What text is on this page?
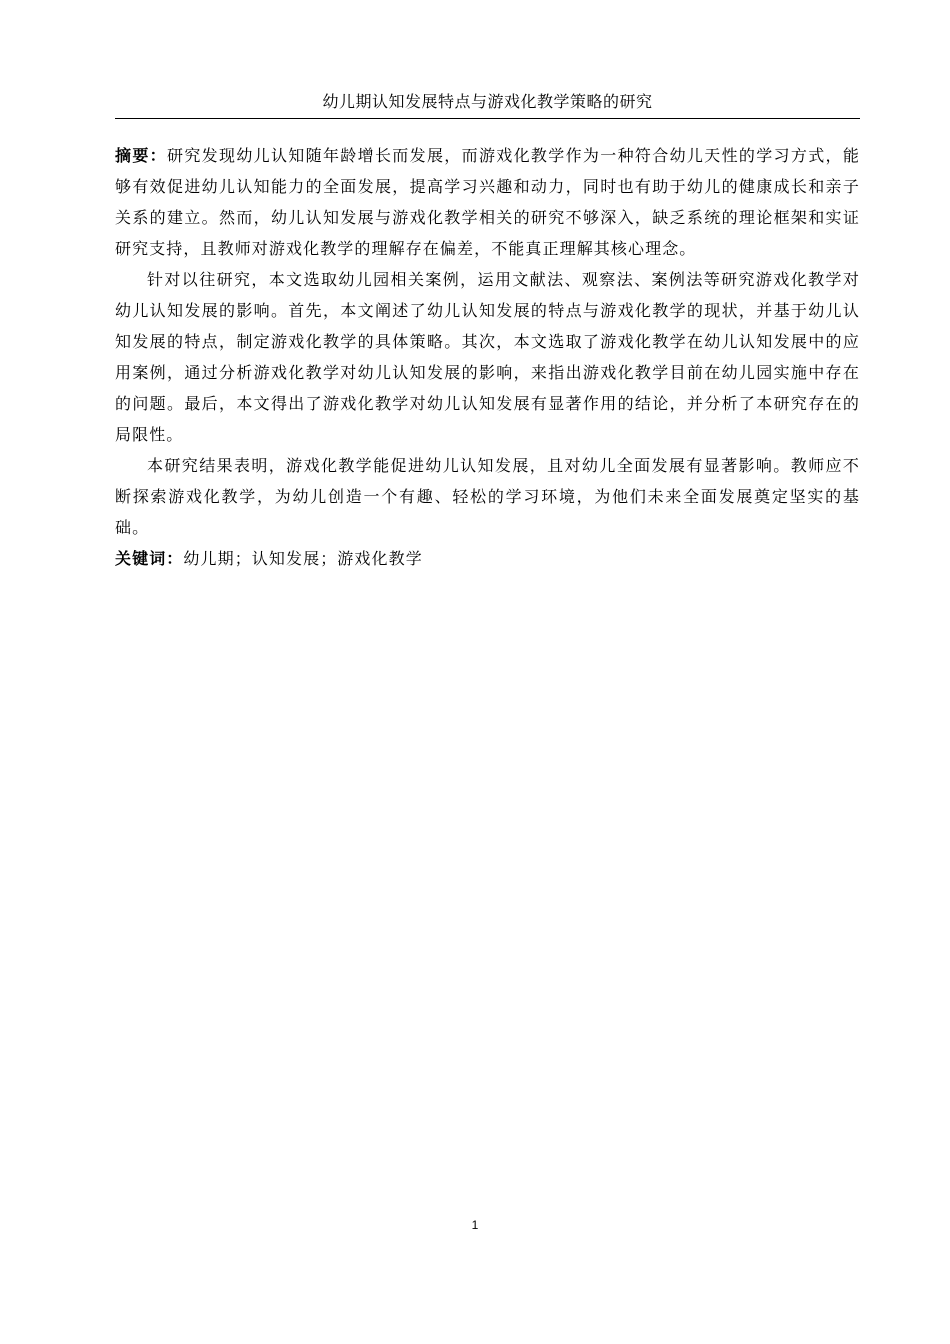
幼儿期认知发展特点与游戏化教学策略的研究

摘要：研究发现幼儿认知随年龄增长而发展，而游戏化教学作为一种符合幼儿天性的学习方式，能够有效促进幼儿认知能力的全面发展，提高学习兴趣和动力，同时也有助于幼儿的健康成长和亲子关系的建立。然而，幼儿认知发展与游戏化教学相关的研究不够深入，缺乏系统的理论框架和实证研究支持，且教师对游戏化教学的理解存在偏差，不能真正理解其核心理念。

针对以往研究，本文选取幼儿园相关案例，运用文献法、观察法、案例法等研究游戏化教学对幼儿认知发展的影响。首先，本文阐述了幼儿认知发展的特点与游戏化教学的现状，并基于幼儿认知发展的特点，制定游戏化教学的具体策略。其次，本文选取了游戏化教学在幼儿认知发展中的应用案例，通过分析游戏化教学对幼儿认知发展的影响，来指出游戏化教学目前在幼儿园实施中存在的问题。最后，本文得出了游戏化教学对幼儿认知发展有显著作用的结论，并分析了本研究存在的局限性。

本研究结果表明，游戏化教学能促进幼儿认知发展，且对幼儿全面发展有显著影响。教师应不断探索游戏化教学，为幼儿创造一个有趣、轻松的学习环境，为他们未来全面发展奠定坚实的基础。

关键词：幼儿期；认知发展；游戏化教学

1
